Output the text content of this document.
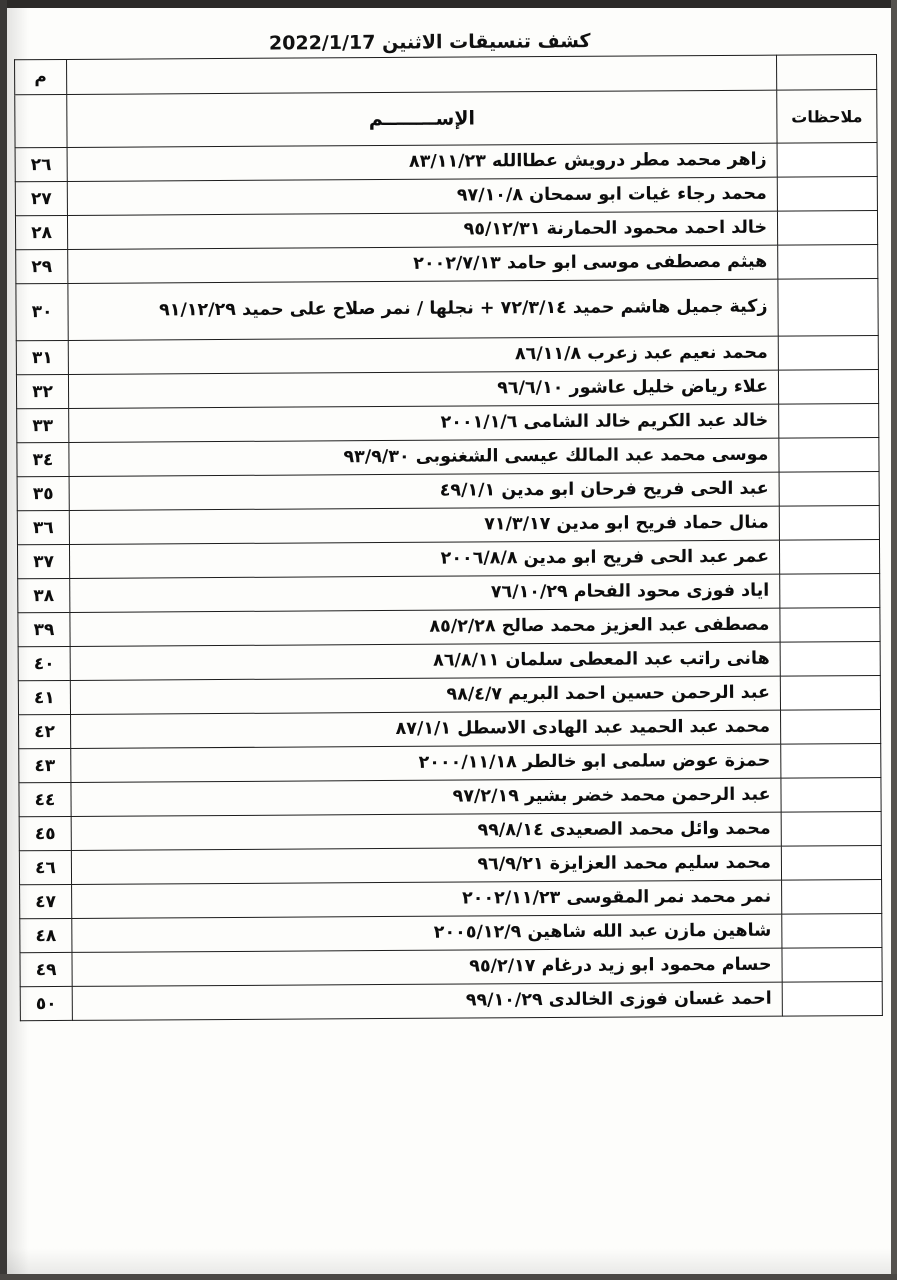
كشف تنسيقات الاثنين 2022/1/17
		م
ملاحظات	الإســــــــم	
	زاهر محمد مطر درويش عطاالله ٨٣/١١/٢٣	٢٦
	محمد رجاء غيات ابو سمحان ٩٧/١٠/٨	٢٧
	خالد احمد محمود الحمارنة ٩٥/١٢/٣١	٢٨
	هيثم مصطفى موسى ابو حامد ٢٠٠٢/٧/١٣	٢٩
	زكية جميل هاشم حميد ٧٢/٣/١٤ + نجلها / نمر صلاح على حميد ٩١/١٢/٢٩	٣٠
	محمد نعيم عبد زعرب ٨٦/١١/٨	٣١
	علاء رياض خليل عاشور ٩٦/٦/١٠	٣٢
	خالد عبد الكريم خالد الشامى ٢٠٠١/١/٦	٣٣
	موسى محمد عبد المالك عيسى الشغنوبى ٩٣/٩/٣٠	٣٤
	عبد الحى فريح فرحان ابو مدين ٤٩/١/١	٣٥
	منال حماد فريح ابو مدين ٧١/٣/١٧	٣٦
	عمر عبد الحى فريح ابو مدين ٢٠٠٦/٨/٨	٣٧
	اياد فوزى محود الفحام ٧٦/١٠/٢٩	٣٨
	مصطفى عبد العزيز محمد صالح ٨٥/٢/٢٨	٣٩
	هانى راتب عبد المعطى سلمان ٨٦/٨/١١	٤٠
	عبد الرحمن حسين احمد البريم ٩٨/٤/٧	٤١
	محمد عبد الحميد عبد الهادى الاسطل ٨٧/١/١	٤٢
	حمزة عوض سلمى ابو خالطر ٢٠٠٠/١١/١٨	٤٣
	عبد الرحمن محمد خضر بشير ٩٧/٢/١٩	٤٤
	محمد وائل محمد الصعيدى ٩٩/٨/١٤	٤٥
	محمد سليم محمد العزايزة ٩٦/٩/٢١	٤٦
	نمر محمد نمر المقوسى ٢٠٠٢/١١/٢٣	٤٧
	شاهين مازن عبد الله شاهين ٢٠٠٥/١٢/٩	٤٨
	حسام محمود ابو زيد درغام ٩٥/٢/١٧	٤٩
	احمد غسان فوزى الخالدى ٩٩/١٠/٢٩	٥٠
